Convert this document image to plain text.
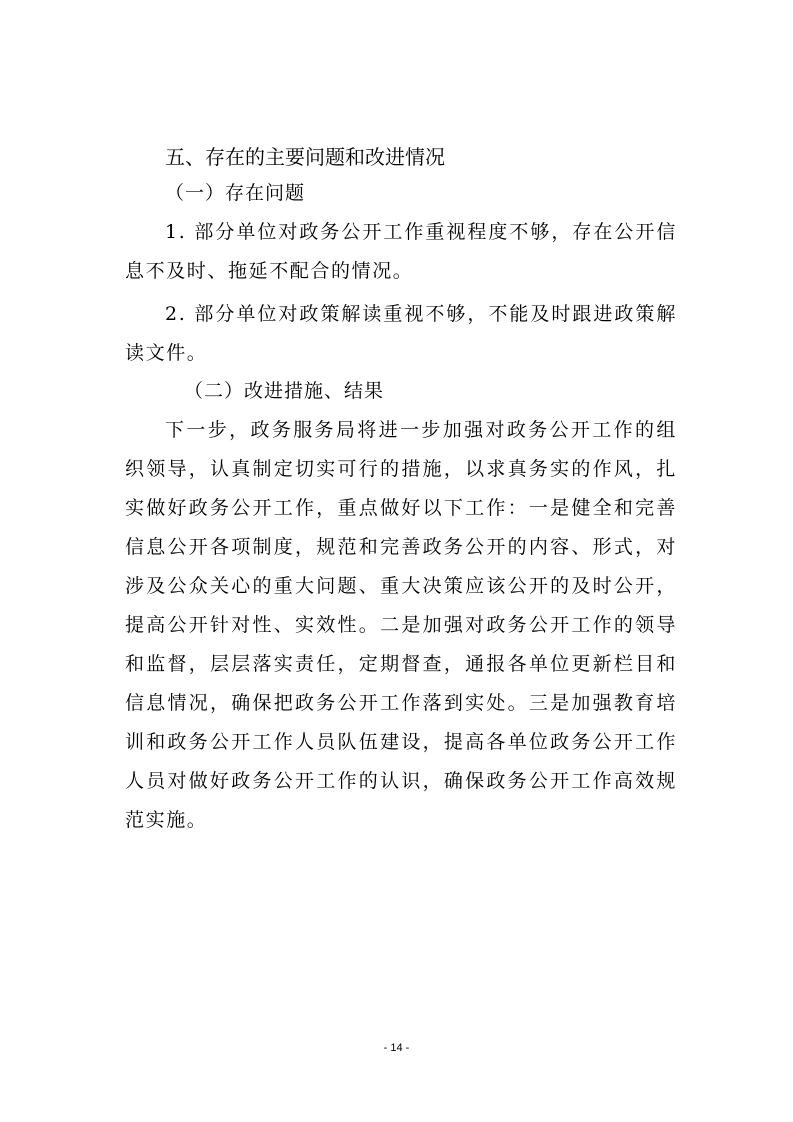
五、存在的主要问题和改进情况
（一）存在问题

1. 部分单位对政务公开工作重视程度不够，存在公开信息不及时、拖延不配合的情况。

2. 部分单位对政策解读重视不够，不能及时跟进政策解读文件。

（二）改进措施、结果

下一步，政务服务局将进一步加强对政务公开工作的组织领导，认真制定切实可行的措施，以求真务实的作风，扎实做好政务公开工作，重点做好以下工作：一是健全和完善信息公开各项制度，规范和完善政务公开的内容、形式，对涉及公众关心的重大问题、重大决策应该公开的及时公开，提高公开针对性、实效性。二是加强对政务公开工作的领导和监督，层层落实责任，定期督查，通报各单位更新栏目和信息情况，确保把政务公开工作落到实处。三是加强教育培训和政务公开工作人员队伍建设，提高各单位政务公开工作人员对做好政务公开工作的认识，确保政务公开工作高效规范实施。

- 14 -
